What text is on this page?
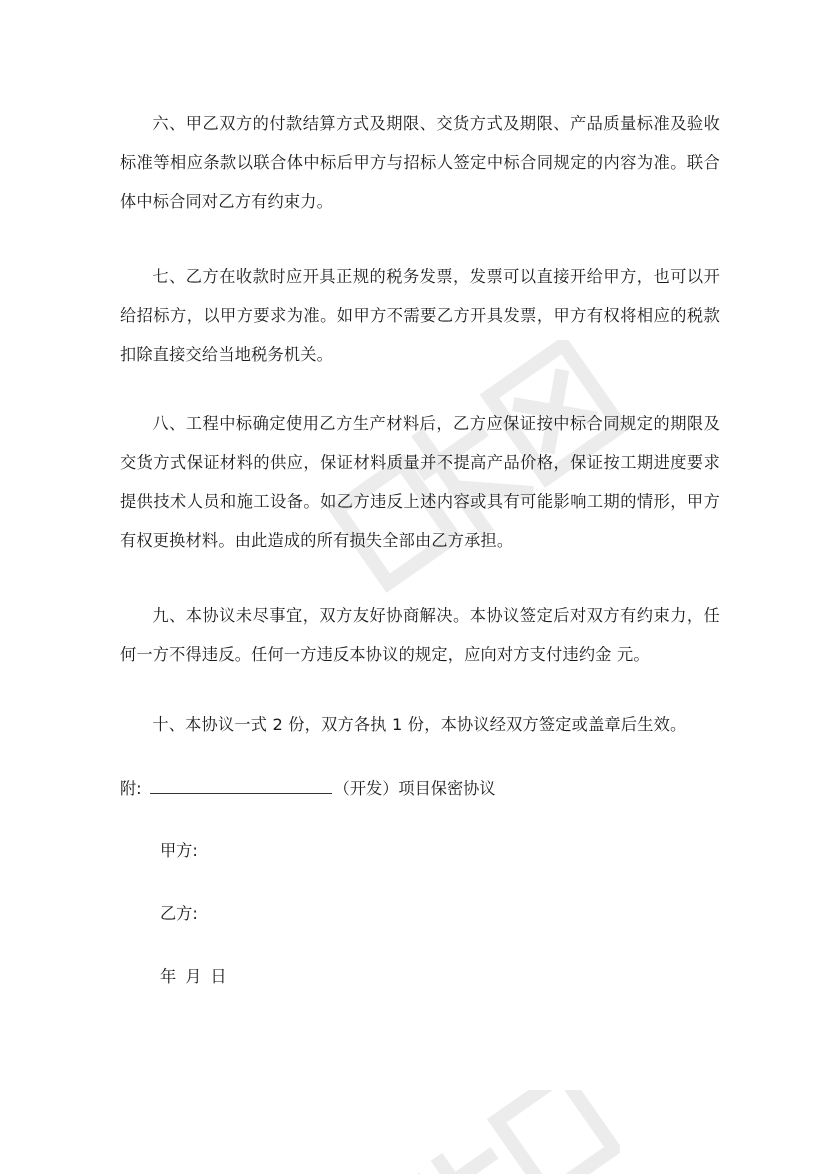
六、甲乙双方的付款结算方式及期限、交货方式及期限、产品质量标准及验收标准等相应条款以联合体中标后甲方与招标人签定中标合同规定的内容为准。联合体中标合同对乙方有约束力。

七、乙方在收款时应开具正规的税务发票，发票可以直接开给甲方，也可以开给招标方，以甲方要求为准。如甲方不需要乙方开具发票，甲方有权将相应的税款扣除直接交给当地税务机关。

八、工程中标确定使用乙方生产材料后，乙方应保证按中标合同规定的期限及交货方式保证材料的供应，保证材料质量并不提高产品价格，保证按工期进度要求提供技术人员和施工设备。如乙方违反上述内容或具有可能影响工期的情形，甲方有权更换材料。由此造成的所有损失全部由乙方承担。

九、本协议未尽事宜，双方友好协商解决。本协议签定后对双方有约束力，任何一方不得违反。任何一方违反本协议的规定，应向对方支付违约金 元。

十、本协议一式 2 份，双方各执 1 份，本协议经双方签定或盖章后生效。

附:	（开发）项目保密协议

甲方:

乙方:

年 月 日
